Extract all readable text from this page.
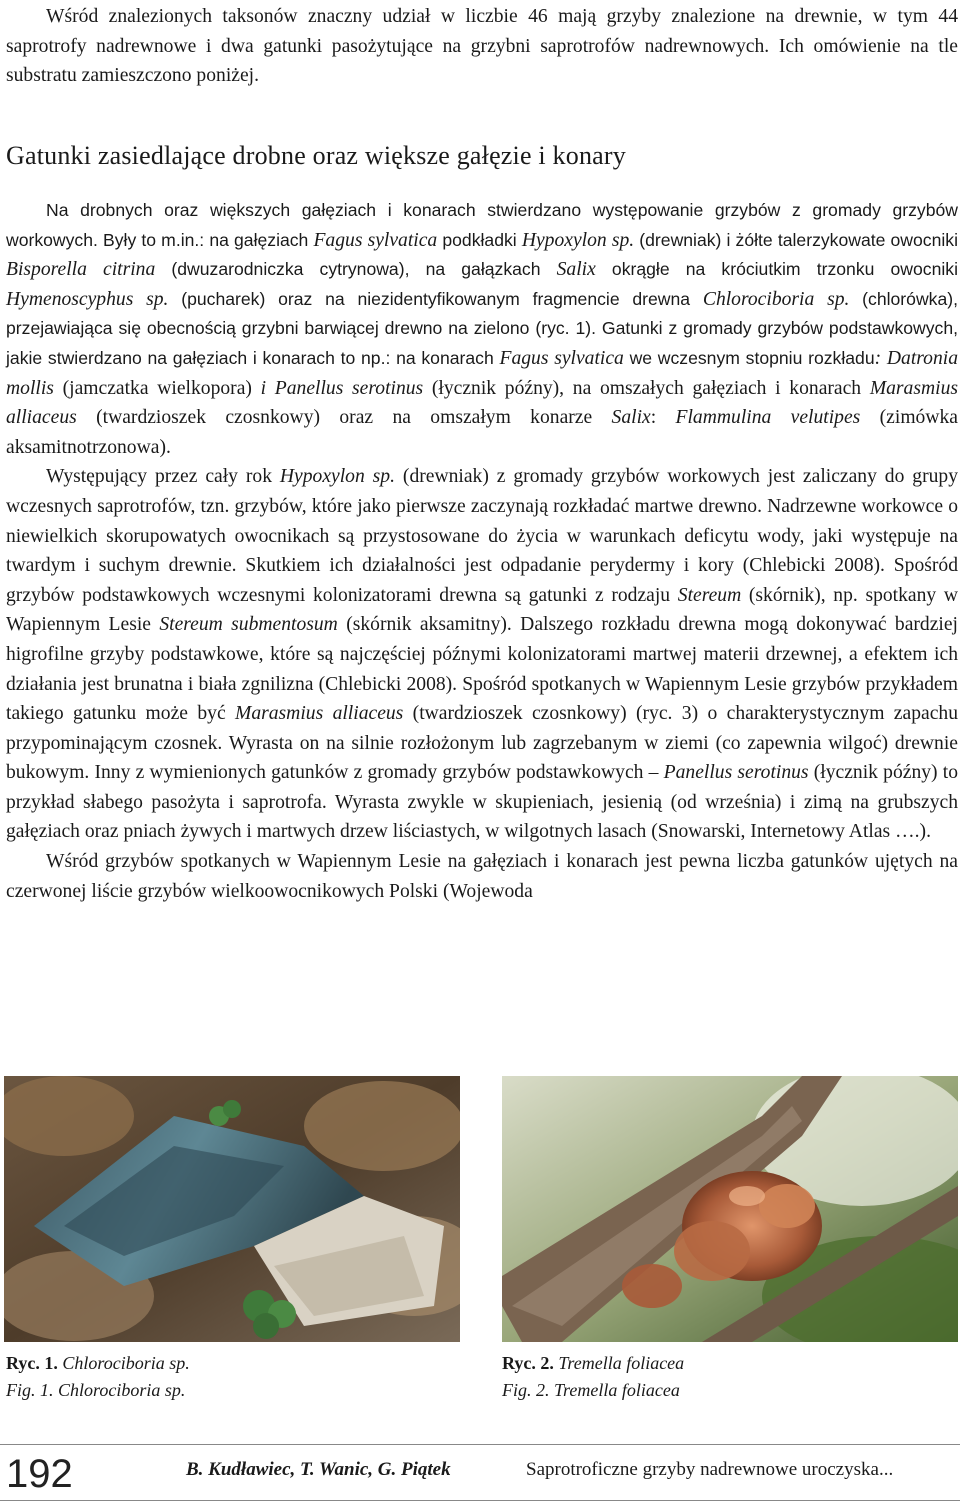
Wśród znalezionych taksonów znaczny udział w liczbie 46 mają grzyby znalezione na drewnie, w tym 44 saprotrofy nadrewnowe i dwa gatunki pasożytujące na grzybni saprotrofów nadrewnowych. Ich omówienie na tle substratu zamieszczono poniżej.

Gatunki zasiedlające drobne oraz większe gałęzie i konary

Na drobnych oraz większych gałęziach i konarach stwierdzano występowanie grzybów z gromady grzybów workowych. Były to m.in.: na gałęziach Fagus sylvatica podkładki Hypoxylon sp. (drewniak) i żółte talerzykowate owocniki Bisporella citrina (dwuzarodniczka cytrynowa), na gałązkach Salix okrągłe na króciutkim trzonku owocniki Hymenoscyphus sp. (pucharek) oraz na niezidentyfikowanym fragmencie drewna Chlorociboria sp. (chlorówka), przejawiająca się obecnością grzybni barwiącej drewno na zielono (ryc. 1). Gatunki z gromady grzybów podstawkowych, jakie stwierdzano na gałęziach i konarach to np.: na konarach Fagus sylvatica we wczesnym stopniu rozkładu: Datronia mollis (jamczatka wielkopora) i Panellus serotinus (łycznik późny), na omszałych gałęziach i konarach Marasmius alliaceus (twardzioszek czosnkowy) oraz na omszałym konarze Salix: Flammulina velutipes (zimówka aksamitnotrzonowa).

Występujący przez cały rok Hypoxylon sp. (drewniak) z gromady grzybów workowych jest zaliczany do grupy wczesnych saprotrofów, tzn. grzybów, które jako pierwsze zaczynają rozkładać martwe drewno. Nadrzewne workowce o niewielkich skorupowatych owocnikach są przystosowane do życia w warunkach deficytu wody, jaki występuje na twardym i suchym drewnie. Skutkiem ich działalności jest odpadanie perydermy i kory (Chlebicki 2008). Spośród grzybów podstawkowych wczesnymi kolonizatorami drewna są gatunki z rodzaju Stereum (skórnik), np. spotkany w Wapiennym Lesie Stereum submentosum (skórnik aksamitny). Dalszego rozkładu drewna mogą dokonywać bardziej higrofilne grzyby podstawkowe, które są najczęściej późnymi kolonizatorami martwej materii drzewnej, a efektem ich działania jest brunatna i biała zgnilizna (Chlebicki 2008). Spośród spotkanych w Wapiennym Lesie grzybów przykładem takiego gatunku może być Marasmius alliaceus (twardzioszek czosnkowy) (ryc. 3) o charakterystycznym zapachu przypominającym czosnek. Wyrasta on na silnie rozłożonym lub zagrzebanym w ziemi (co zapewnia wilgoć) drewnie bukowym. Inny z wymienionych gatunków z gromady grzybów podstawkowych – Panellus serotinus (łycznik późny) to przykład słabego pasożyta i saprotrofa. Wyrasta zwykle w skupieniach, jesienią (od września) i zimą na grubszych gałęziach oraz pniach żywych i martwych drzew liściastych, w wilgotnych lasach (Snowarski, Internetowy Atlas ….).

Wśród grzybów spotkanych w Wapiennym Lesie na gałęziach i konarach jest pewna liczba gatunków ujętych na czerwonej liście grzybów wielkoowocnikowych Polski (Wojewoda

Ryc. 1. Chlorociboria sp.
Fig. 1. Chlorociboria sp.
Ryc. 2. Tremella foliacea
Fig. 2. Tremella foliacea
192	B. Kudławiec, T. Wanic, G. Piątek	Saprotroficzne grzyby nadrewnowe uroczyska...
